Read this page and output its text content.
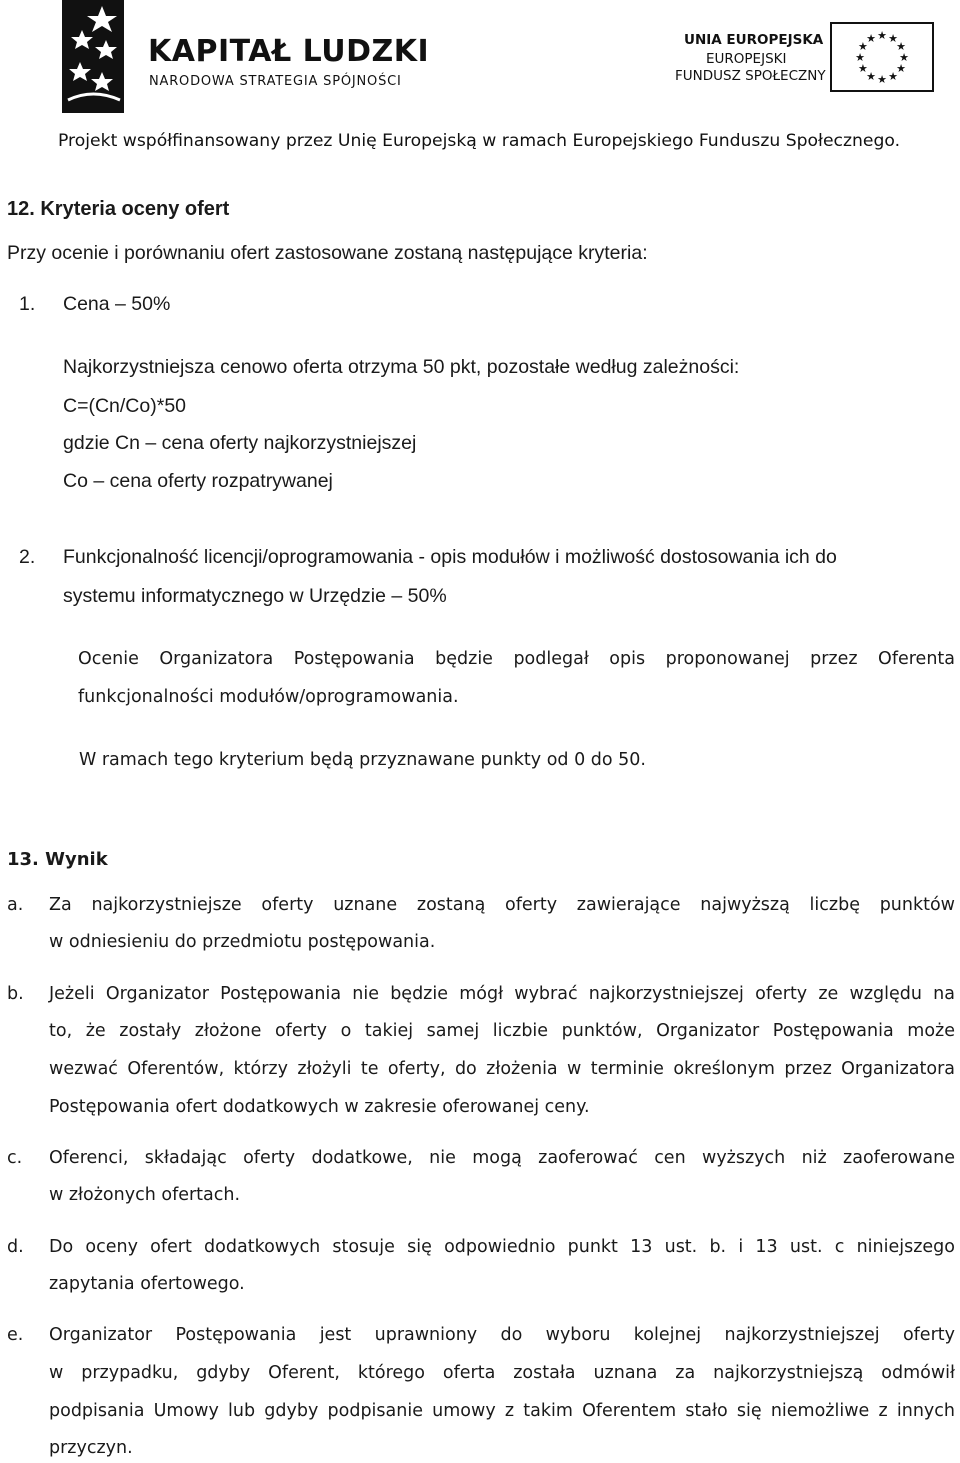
KAPITAŁ LUDZKI
NARODOWA STRATEGIA SPÓJNOŚCI
UNIA EUROPEJSKA
EUROPEJSKI
FUNDUSZ SPOŁECZNY
★ ★
★
★
★
★
★
★
★
★
★
★
Projekt współfinansowany przez Unię Europejską w ramach Europejskiego Funduszu Społecznego.
12. Kryteria oceny ofert
Przy ocenie i porównaniu ofert zastosowane zostaną następujące kryteria:
1. Cena – 50%
Najkorzystniejsza cenowo oferta otrzyma 50 pkt, pozostałe według zależności:
C=(Cn/Co)*50
gdzie Cn – cena oferty najkorzystniejszej
Co – cena oferty rozpatrywanej
2. Funkcjonalność licencji/oprogramowania - opis modułów i możliwość dostosowania ich do
systemu informatycznego w Urzędzie – 50%
Ocenie Organizatora Postępowania będzie podlegał opis proponowanej przez Oferenta
funkcjonalności modułów/oprogramowania.
W ramach tego kryterium będą przyznawane punkty od 0 do 50.
13. Wynik
a. Za najkorzystniejsze oferty uznane zostaną oferty zawierające najwyższą liczbę punktów
w odniesieniu do przedmiotu postępowania.
b. Jeżeli Organizator Postępowania nie będzie mógł wybrać najkorzystniejszej oferty ze względu na
to, że zostały złożone oferty o takiej samej liczbie punktów, Organizator Postępowania może
wezwać Oferentów, którzy złożyli te oferty, do złożenia w terminie określonym przez Organizatora
Postępowania ofert dodatkowych w zakresie oferowanej ceny.
c. Oferenci, składając oferty dodatkowe, nie mogą zaoferować cen wyższych niż zaoferowane
w złożonych ofertach.
d. Do oceny ofert dodatkowych stosuje się odpowiednio punkt 13 ust. b. i 13 ust. c niniejszego
zapytania ofertowego.
e. Organizator Postępowania jest uprawniony do wyboru kolejnej najkorzystniejszej oferty
w przypadku, gdyby Oferent, którego oferta została uznana za najkorzystniejszą odmówił
podpisania Umowy lub gdyby podpisanie umowy z takim Oferentem stało się niemożliwe z innych
przyczyn.
